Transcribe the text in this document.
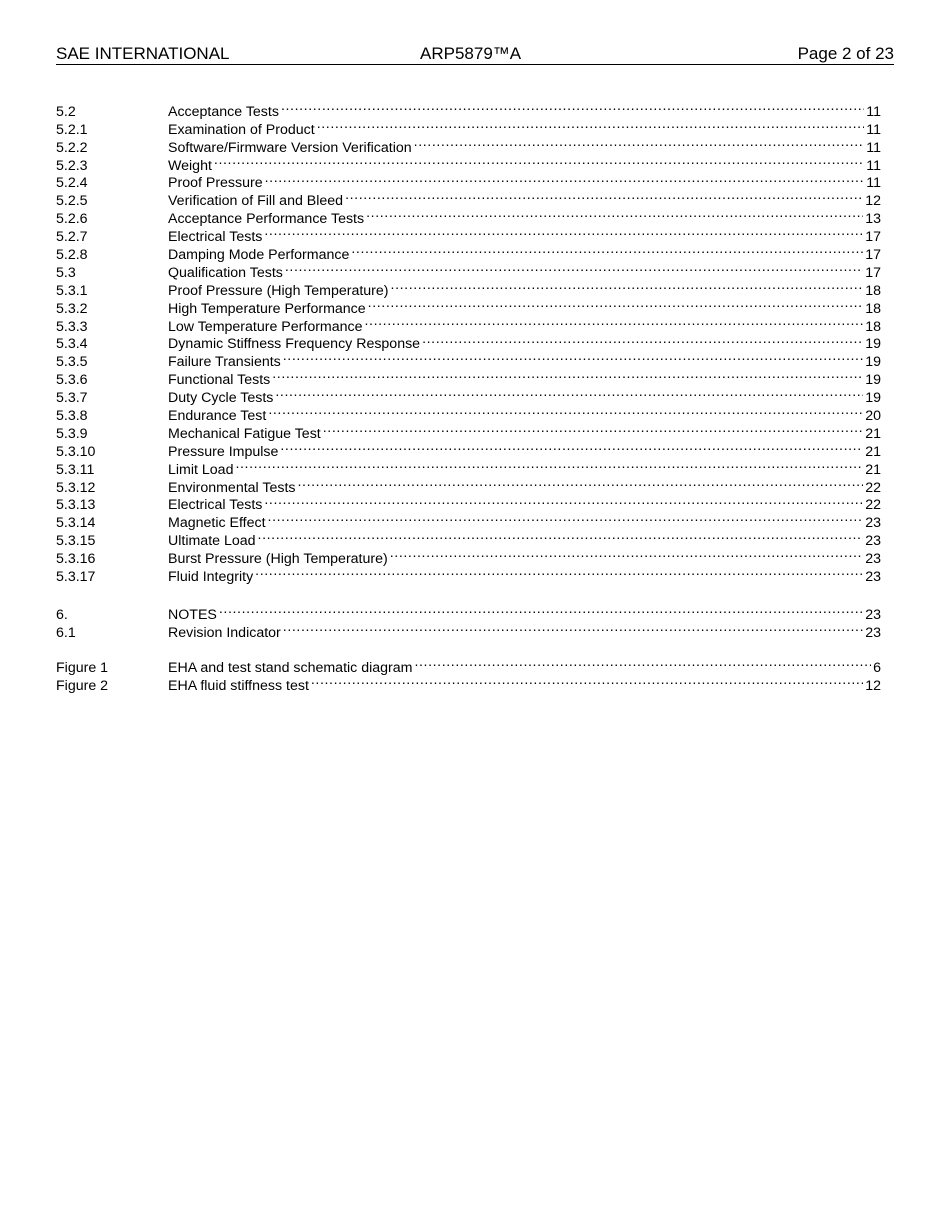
SAE INTERNATIONAL	ARP5879™A	Page 2 of 23
5.2	Acceptance Tests .....	11
5.2.1	Examination of Product .....	11
5.2.2	Software/Firmware Version Verification .....	11
5.2.3	Weight .....	11
5.2.4	Proof Pressure .....	11
5.2.5	Verification of Fill and Bleed .....	12
5.2.6	Acceptance Performance Tests .....	13
5.2.7	Electrical Tests .....	17
5.2.8	Damping Mode Performance .....	17
5.3	Qualification Tests .....	17
5.3.1	Proof Pressure (High Temperature) .....	18
5.3.2	High Temperature Performance .....	18
5.3.3	Low Temperature Performance .....	18
5.3.4	Dynamic Stiffness Frequency Response .....	19
5.3.5	Failure Transients .....	19
5.3.6	Functional Tests .....	19
5.3.7	Duty Cycle Tests .....	19
5.3.8	Endurance Test .....	20
5.3.9	Mechanical Fatigue Test .....	21
5.3.10	Pressure Impulse .....	21
5.3.11	Limit Load .....	21
5.3.12	Environmental Tests .....	22
5.3.13	Electrical Tests .....	22
5.3.14	Magnetic Effect .....	23
5.3.15	Ultimate Load .....	23
5.3.16	Burst Pressure (High Temperature) .....	23
5.3.17	Fluid Integrity .....	23
6.	NOTES .....	23
6.1	Revision Indicator .....	23
Figure 1	EHA and test stand schematic diagram .....	6
Figure 2	EHA fluid stiffness test .....	12
